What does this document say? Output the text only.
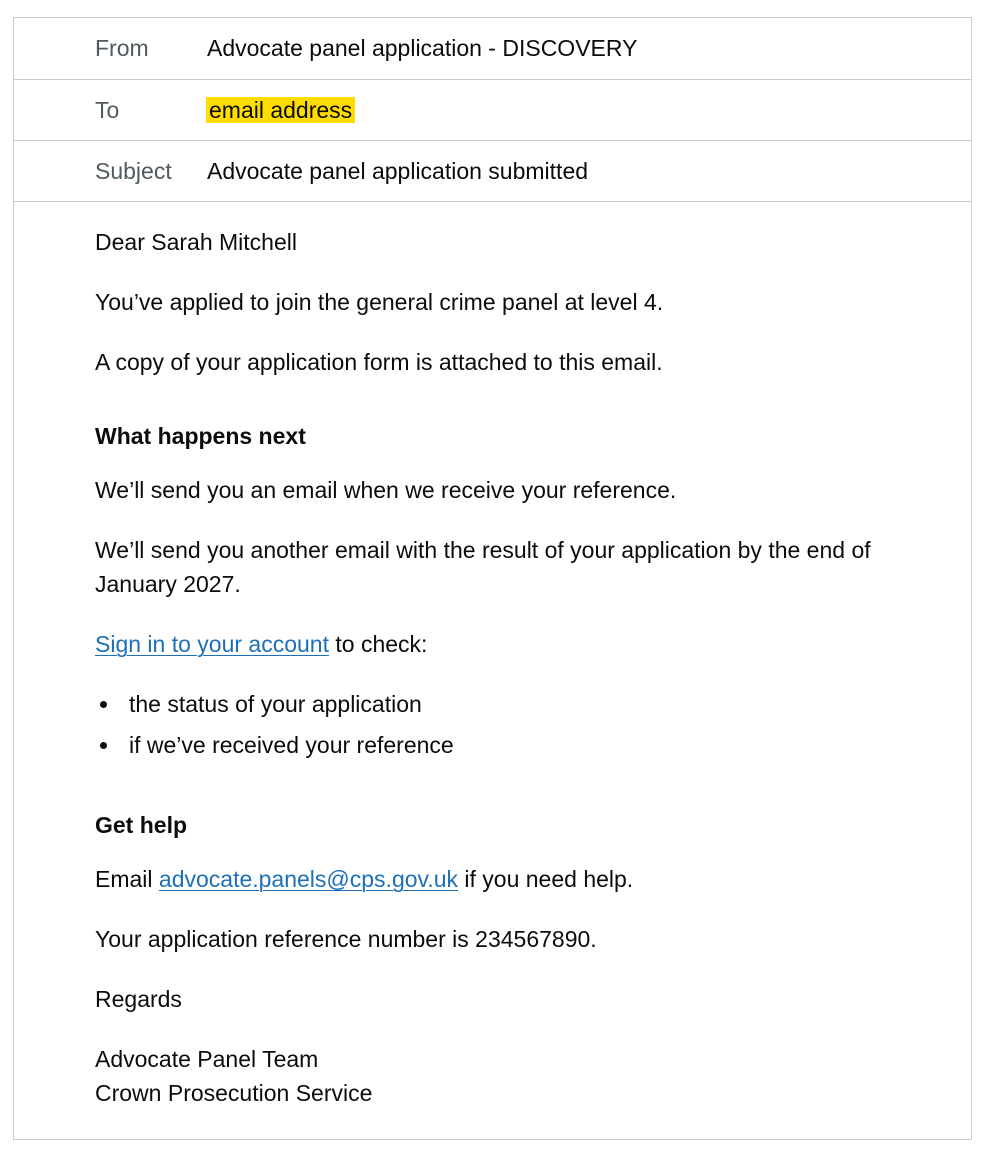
From	Advocate panel application - DISCOVERY
To	email address
Subject Advocate panel application submitted

Dear Sarah Mitchell

You’ve applied to join the general crime panel at level 4.

A copy of your application form is attached to this email.

What happens next

We’ll send you an email when we receive your reference.

We’ll send you another email with the result of your application by the end of January 2027.

Sign in to your account to check:

the status of your application
if we’ve received your reference

Get help

Email advocate.panels@cps.gov.uk if you need help.

Your application reference number is 234567890.

Regards

Advocate Panel Team

Crown Prosecution Service
